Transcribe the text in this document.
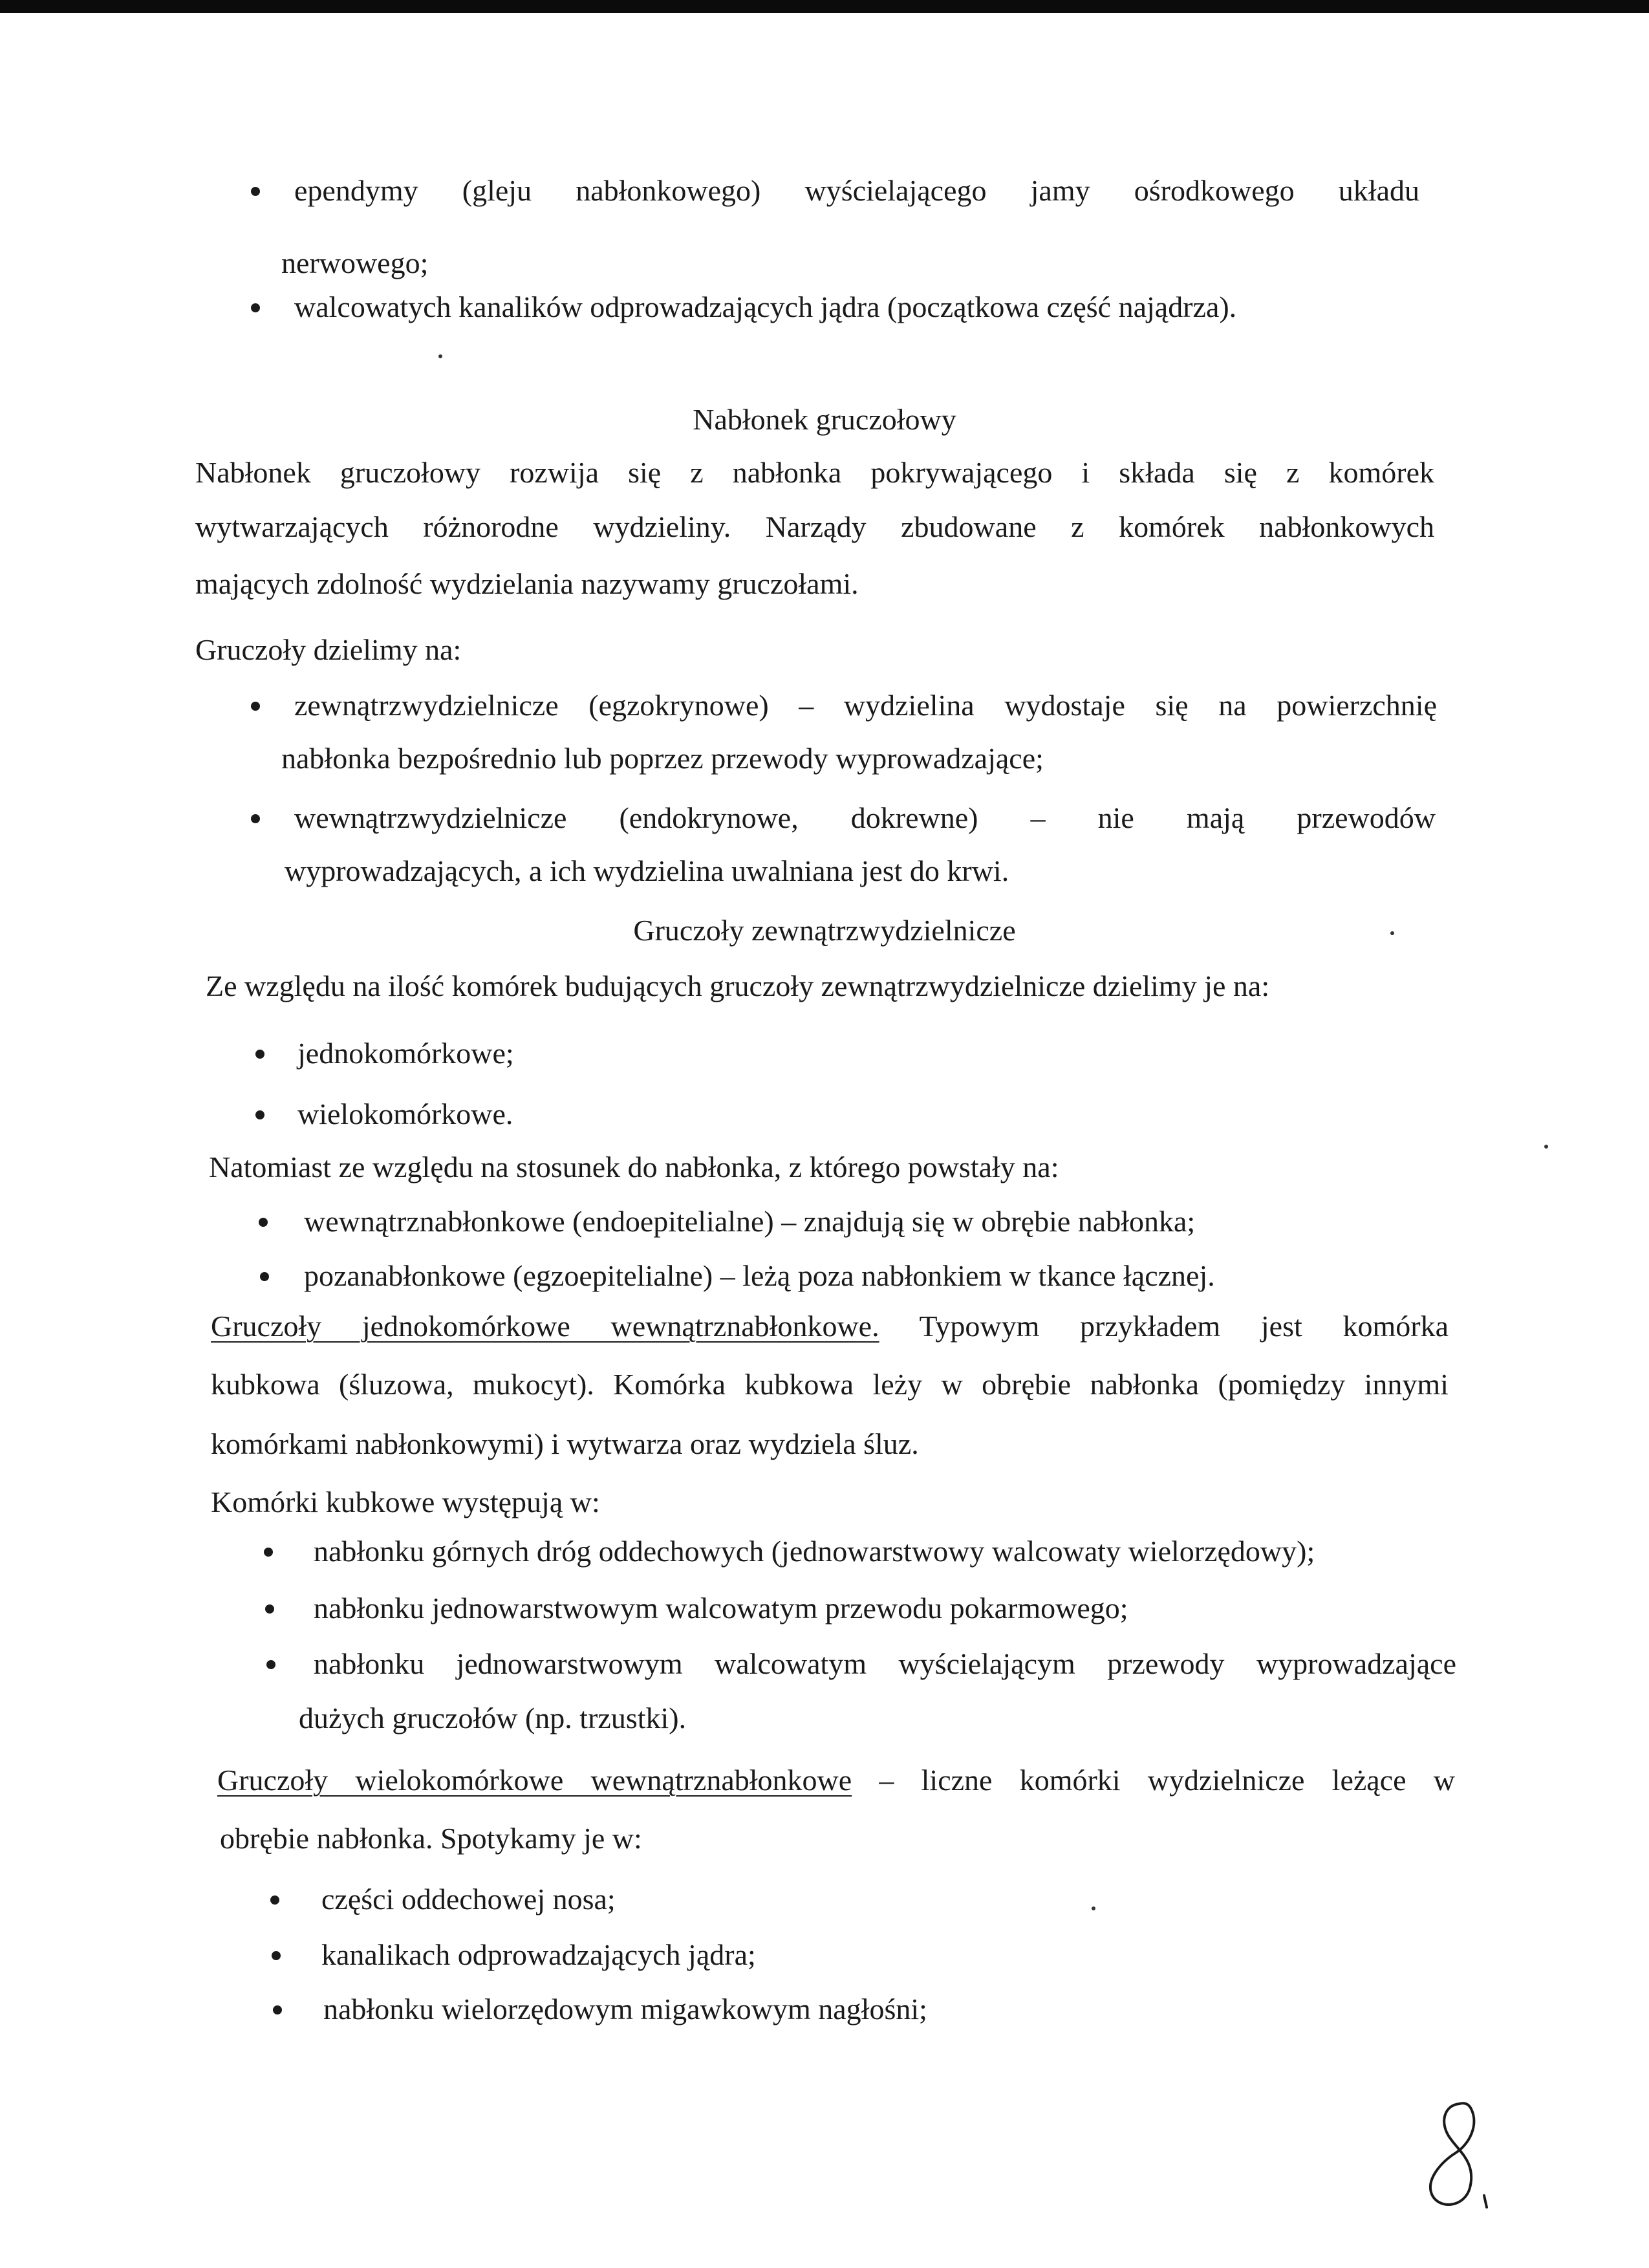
ependymy (gleju nabłonkowego) wyścielającego jamy ośrodkowego układu

nerwowego;

walcowatych kanalików odprowadzających jądra (początkowa część najądrza).

Nabłonek gruczołowy

Nabłonek gruczołowy rozwija się z nabłonka pokrywającego i składa się z komórek

wytwarzających różnorodne wydzieliny. Narządy zbudowane z komórek nabłonkowych

mających zdolność wydzielania nazywamy gruczołami.

Gruczoły dzielimy na:

zewnątrzwydzielnicze (egzokrynowe) – wydzielina wydostaje się na powierzchnię

nabłonka bezpośrednio lub poprzez przewody wyprowadzające;

wewnątrzwydzielnicze (endokrynowe, dokrewne) – nie mają przewodów

wyprowadzających, a ich wydzielina uwalniana jest do krwi.

Gruczoły zewnątrzwydzielnicze

Ze względu na ilość komórek budujących gruczoły zewnątrzwydzielnicze dzielimy je na:

jednokomórkowe;

wielokomórkowe.

Natomiast ze względu na stosunek do nabłonka, z którego powstały na:

wewnątrznabłonkowe (endoepitelialne) – znajdują się w obrębie nabłonka;

pozanabłonkowe (egzoepitelialne) – leżą poza nabłonkiem w tkance łącznej.

Gruczoły jednokomórkowe wewnątrznabłonkowe. Typowym przykładem jest komórka

kubkowa (śluzowa, mukocyt). Komórka kubkowa leży w obrębie nabłonka (pomiędzy innymi

komórkami nabłonkowymi) i wytwarza oraz wydziela śluz.

Komórki kubkowe występują w:

nabłonku górnych dróg oddechowych (jednowarstwowy walcowaty wielorzędowy);

nabłonku jednowarstwowym walcowatym przewodu pokarmowego;

nabłonku jednowarstwowym walcowatym wyścielającym przewody wyprowadzające

dużych gruczołów (np. trzustki).

Gruczoły wielokomórkowe wewnątrznabłonkowe – liczne komórki wydzielnicze leżące w

obrębie nabłonka. Spotykamy je w:

części oddechowej nosa;

kanalikach odprowadzających jądra;

nabłonku wielorzędowym migawkowym nagłośni;
